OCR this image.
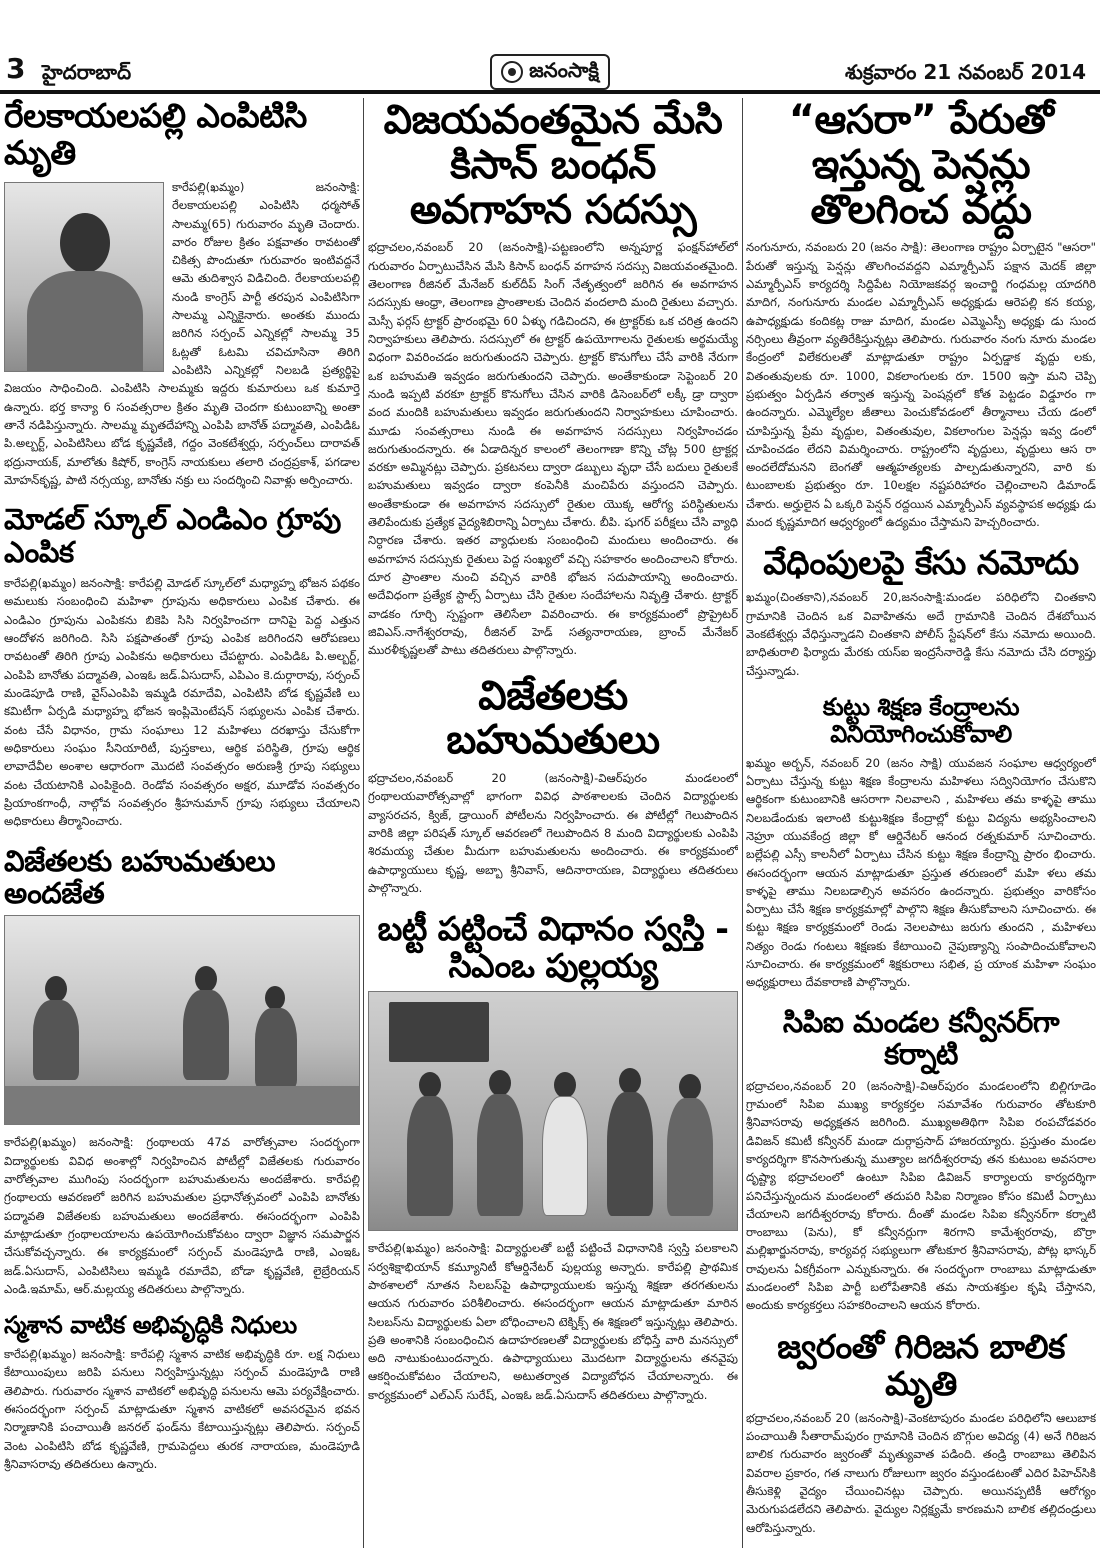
3 హైదరాబాద్	జనంసాక్షి	శుక్రవారం 21 నవంబర్ 2014
రేలకాయలపల్లి ఎంపిటిసి మృతి

కారేపల్లి(ఖమ్మం) జనంసాక్షి: రేలకాయలపల్లి ఎంపిటిసి ధర్మసోత్ సాలమ్మ(65) గురువారం మృతి చెందారు. వారం రోజుల క్రితం పక్షవాతం రావటంతో చికిత్స పొందుతూ గురువారం ఇంటివద్దనే ఆమె తుదిశ్వాస విడిచింది. రేలకాయలపల్లి నుండి కాంగ్రెస్ పార్టీ తరపున ఎంపిటిసిగా సాలమ్మ ఎన్నికైనారు. అంతకు ముందు జరిగిన సర్పంచ్ ఎన్నికల్లో సాలమ్మ 35 ఓట్లతో ఓటమి చవిచూసినా తిరిగి ఎంపిటిసి ఎన్నికల్లో నిలబడి ప్రత్యర్థిపై విజయం సాధించింది. ఎంపిటిసి సాలమ్మకు ఇద్దరు కుమారులు ఒక కుమార్తె ఉన్నారు. భర్త కాన్యా 6 సంవత్సరాల క్రితం మృతి చెందగా కుటుంబాన్ని అంతా తానే నడిపిస్తున్నారు. సాలమ్మ మృతదేహాన్ని ఎంపిపి బానోత్ పద్మావతి, ఎంపిడిఓ పి.అల్బర్ట్, ఎంపిటిసిలు బోడ కృష్ణవేణి, గద్దం వెంకటేశ్వర్లు, సర్పంచ్‌లు దారావత్ భద్రునాయక్, మాలోతు కిషోర్, కాంగ్రెస్ నాయకులు తలారి చంద్రప్రకాశ్, పగడాల మోహన్‌కృష్ణ, పాటి నర్సయ్య, బానోతు నక్రు లు సందర్శించి నివాళ్లు అర్పించారు.

మోడల్ స్కూల్ ఎండిఎం గ్రూపు ఎంపిక

కారేపల్లి(ఖమ్మం) జనంసాక్షి: కారేపల్లి మోడల్ స్కూల్‌లో మధ్యాహ్న భోజన పథకం అమలుకు సంబంధించి మహిళా గ్రూపును అధికారులు ఎంపిక చేశారు. ఈ ఎండిఎం గ్రూపును ఎంపికను బికెపి సిసి నిర్వహించగా దానిపై పెద్ద ఎత్తున ఆందోళన జరిగింది. సిసి పక్షపాతంతో గ్రూపు ఎంపిక జరిగిందని ఆరోపణలు రావటంతో తిరిగి గ్రూపు ఎంపికను అధికారులు చేపట్టారు. ఎంపిడిఓ పి.అల్బర్ట్, ఎంపిపి బానోతు పద్మావతి, ఎంఇఓ జడ్.ఏసుదాస్, ఎపిఎం కె.దుర్గారావు, సర్పంచ్ మండెపూడి రాణి, వైస్‌ఎంపిపి ఇమ్మడి రమాదేవి, ఎంపిటిసి బోడ కృష్ణవేణి లు కమిటీగా ఏర్పడి మధ్యాహ్న భోజన ఇంప్లిమెంటేషన్ సభ్యులను ఎంపిక చేశారు. వంట చేసే విధానం, గ్రామ సంఘాలు 12 మహిళలు దరఖాస్తు చేసుకోగా అధికారులు సంఘం సీనియారిటీ, పుస్తకాలు, ఆర్థిక పరిస్థితి, గ్రూపు ఆర్థిక లావాదేవీల అంశాల ఆధారంగా మొదటి సంవత్సరం అరుణశ్రీ గ్రూపు సభ్యులు వంట చేయటానికి ఎంపికైంది. రెండోవ సంవత్సరం అక్షర, మూడోవ సంవత్సరం ప్రియాంకగాంధీ, నాల్గోవ సంవత్సరం శ్రీహనుమాన్ గ్రూపు సభ్యులు చేయాలని అధికారులు తీర్మానించారు.

విజేతలకు బహుమతులు అందజేత

కారేపల్లి(ఖమ్మం) జనంసాక్షి: గ్రంథాలయ 47వ వారోత్సవాల సందర్భంగా విద్యార్థులకు వివిధ అంశాల్లో నిర్వహించిన పోటీల్లో విజేతలకు గురువారం వారోత్సవాల ముగింపు సందర్భంగా బహుమతులను అందజేశారు. కారేపల్లి గ్రంథాలయ ఆవరణలో జరిగిన బహుమతుల ప్రధానోత్సవంలో ఎంపిపి బానోతు పద్మావతి విజేతలకు బహుమతులు అందజేశారు. ఈసందర్భంగా ఎంపిపి మాట్లాడుతూ గ్రంథాలయాలను ఉపయోగించుకోవటం ద్వారా విజ్ఞాన సమపార్జన చేసుకోవచ్చన్నారు. ఈ కార్యక్రమంలో సర్పంచ్ మండెపూడి రాణి, ఎంఇఓ జడ్.ఏసుదాస్, ఎంపిటిసిలు ఇమ్మడి రమాదేవి, బోడా కృష్ణవేణి, లైబ్రేరియన్ ఎండి.ఇమామ్, ఆర్.మల్లయ్య తదితరులు పాల్గొన్నారు.

స్మశాన వాటిక అభివృద్ధికి నిధులు

కారేపల్లి(ఖమ్మం) జనంసాక్షి: కారేపల్లి స్మశాన వాటిక అభివృద్ధికి రూ. లక్ష నిధులు కేటాయింపులు జరిపి పనులు నిర్వహిస్తున్నట్లు సర్పంచ్ మండెపూడి రాణి తెలిపారు. గురువారం స్మశాన వాటికలో అభివృద్ధి పనులను ఆమె పర్యవేక్షించారు. ఈసందర్భంగా సర్పంచ్ మాట్లాడుతూ స్మశాన వాటికలో అవసరమైన భవన నిర్మాణానికి పంచాయితీ జనరల్ ఫండ్‌ను కేటాయిస్తున్నట్లు తెలిపారు. సర్పంచ్ వెంట ఎంపిటిసి బోడ కృష్ణవేణి, గ్రామపెద్దలు తురక నారాయణ, మండెపూడి శ్రీనివాసరావు తదితరులు ఉన్నారు.

విజయవంతమైన మేసి కిసాన్ బంధన్ అవగాహన సదస్సు

భద్రాచలం,నవంబర్ 20 (జనంసాక్షి)-పట్టణంలోని అన్నపూర్ణ ఫంక్షన్‌హాల్‌లో గురువారం ఏర్పాటుచేసిన మేసి కిసాన్ బంధన్ వగాహన సదస్సు విజయవంతమైంది. తెలంగాణ రీజినల్ మేనేజర్ కుల్‌దీప్ సింగ్ నేతృత్వంలో జరిగిన ఈ అవగాహన సదస్సుకు ఆంధ్రా, తెలంగాణ ప్రాంతాలకు చెందిన వందలాది మంది రైతులు వచ్చారు. మెస్సీ ఫర్గస్ ట్రాక్టర్ ప్రారంభమై 60 ఏళ్ళు గడిచిందని, ఈ ట్రాక్టర్‌కు ఒక చరిత్ర ఉందని నిర్వాహకులు తెలిపారు. సదస్సులో ఈ ట్రాక్టర్ ఉపయోగాలను రైతులకు అర్థమయ్యే విధంగా వివరించడం జరుగుతుందని చెప్పారు. ట్రాక్టర్ కొనుగోలు చేసే వారికి నేరుగా ఒక బహుమతి ఇవ్వడం జరుగుతుందని చెప్పారు. అంతేకాకుండా సెప్టెంబర్ 20 నుండి ఇప్పటి వరకూ ట్రాక్టర్ కొనుగోలు చేసిన వారికి డిసెంబర్‌లో లక్కీ డ్రా ద్వారా వంద మందికి బహుమతులు ఇవ్వడం జరుగుతుందని నిర్వాహకులు చూపించారు. మూడు సంవత్సరాలు నుండి ఈ అవగాహన సదస్సులు నిర్వహించడం జరుగుతుందన్నారు. ఈ ఏడాదిన్నర కాలంలో తెలంగాణా కొన్ని చోట్ల 500 ట్రాక్టర్ల వరకూ అమ్మినట్లు చెప్పారు. ప్రకటనలు ద్వారా డబ్బులు వృధా చేసే బదులు రైతులకే బహుమతులు ఇవ్వడం ద్వారా కంపెనీకి మంచిపేరు వస్తుందని చెప్పారు. అంతేకాకుండా ఈ అవగాహన సదస్సులో రైతుల యొక్క ఆరోగ్య పరిస్థితులను తెలిపేందుకు ప్రత్యేక వైద్యశిబిరాన్ని ఏర్పాటు చేశారు. బీపి. షుగర్ పరీక్షలు చేసి వ్యాధి నిర్ధారణ చేశారు. ఇతర వ్యాధులకు సంబంధించి మందులు అందించారు. ఈ అవగాహన సదస్సుకు రైతులు పెద్ద సంఖ్యలో వచ్చి సహకారం అందించాలని కోరారు. దూర ప్రాంతాల నుంచి వచ్చిన వారికి భోజన సదుపాయాన్ని అందించారు. అదేవిధంగా ప్రత్యేక స్టాల్స్ ఏర్పాటు చేసి రైతుల సందేహాలను నివృత్తి చేశారు. ట్రాక్టర్ వాడకం గూర్చి స్పష్టంగా తెలిసేలా వివరించారు. ఈ కార్యక్రమంలో ప్రొప్రైటర్ జివిఎస్.నాగేశ్వరరావు, రీజినల్ హెడ్ సత్యనారాయణ, బ్రాంచ్ మేనేజర్ మురళీకృష్ణలతో పాటు తదితరులు పాల్గొన్నారు.

విజేతలకు బహుమతులు

భద్రాచలం,నవంబర్ 20 (జనంసాక్షి)-విఆర్‌పురం మండలంలో గ్రంథాలయవారోత్సవాల్లో భాగంగా వివిధ పాఠశాలలకు చెందిన విద్యార్థులకు వ్యాసరచన, క్విజ్, డ్రాయింగ్ పోటీలను నిర్వహించారు. ఈ పోటీల్లో గెలుపొందిన వారికి జిల్లా పరిషత్ స్కూల్ ఆవరణలో గెలుపొందిన 8 మంది విద్యార్థులకు ఎంపిపి శిరమయ్య చేతుల మీదుగా బహుమతులను అందించారు. ఈ కార్యక్రమంలో ఉపాధ్యాయులు కృష్ణ, అబ్బా శ్రీనివాస్, ఆదినారాయణ, విద్యార్థులు తదితరులు పాల్గొన్నారు.

బట్టీ పట్టించే విధానం స్వస్తి - సిఎంఒ పుల్లయ్య

కారేపల్లి(ఖమ్మం) జనంసాక్షి: విద్యార్థులతో బట్టీ పట్టించే విధానానికి స్వస్తి పలకాలని సర్వశిక్షాభియాన్ కమ్యూనిటీ కోఆర్డినేటర్ పుల్లయ్య అన్నారు. కారేపల్లి ప్రాథమిక పాఠశాలలో నూతన సిలబస్‌పై ఉపాధ్యాయులకు ఇస్తున్న శిక్షణా తరగతులను ఆయన గురువారం పరిశీలించారు. ఈసందర్భంగా ఆయన మాట్లాడుతూ మారిన సిలబస్‌ను విద్యార్థులకు ఏలా బోధించాలని టెక్నిక్స్ ఈ శిక్షణలో ఇస్తున్నట్లు తెలిపారు. ప్రతి అంశానికి సంబంధించిన ఉదాహరణలతో విద్యార్థులకు బోధిస్తే వారి మనస్సులో అది నాటుకుంటుందన్నారు. ఉపాధ్యాయులు మొదటగా విద్యార్థులను తనవైపు ఆకర్షించుకోవటం చేయాలని, అటుతర్వాత విద్యాబోధన చేయాలన్నారు. ఈ కార్యక్రమంలో ఎల్ఎస్ సురేష్, ఎంఇఓ జడ్.ఏసుదాస్ తదితరులు పాల్గొన్నారు.

“ఆసరా” పేరుతో ఇస్తున్న పెన్షన్లు తొలగించ వద్దు

నంగునూరు, నవంబరు 20 (జనం సాక్షి): తెలంగాణ రాష్ట్రం ఏర్పాటైన "ఆసరా" పేరుతో ఇస్తున్న పెన్షన్లు తొలగించవద్దని ఎమ్మార్పీఎస్ పక్షాన మెదక్ జిల్లా ఎమ్మార్పీఎస్ కార్యదర్శి సిద్దిపేట నియోజకవర్గ ఇంచార్జి గంధమల్ల యాదగిరి మాదిగ, నంగునూరు మండల ఎమ్మార్పీఎస్ అధ్యక్షుడు ఆరెపల్లి కన కయ్య, ఉపాధ్యక్షుడు కందికట్ల రాజు మాదిగ, మండల ఎమ్మెఎస్పీ అధ్యక్షు డు సుంద నర్సింలు తీవ్రంగా వ్యతిరేకిస్తున్నట్లు తెలిపారు. గురువారం నంగు నూరు మండల కేంద్రంలో విలేకరులతో మాట్లాడుతూ రాష్ట్రం ఏర్పడ్డాక వృద్దు లకు, వితంతువులకు రూ. 1000, వికలాంగులకు రూ. 1500 ఇస్తా మని చెప్పి ప్రభుత్వం ఏర్పడిన తర్వాత ఇస్తున్న పెంషన్లలో కోత పెట్టడం విడ్డూరం గా ఉందన్నారు. ఎమ్మెల్యేల జీతాలు పెంచుకోవడంలో తీర్మానాలు చేయ డంలో చూపిస్తున్న ప్రేమ వృద్దుల, వితంతువుల, వికలాంగుల పెన్షన్లు ఇవ్వ డంలో చూపించడం లేదని విమర్శించారు. రాష్ట్రంలోని వృద్దులు, వృద్దులు ఆస రా అందలేదోమనని బెంగతో ఆత్మహత్యలకు పాల్పడుతున్నారని, వారి కు టుంబాలకు ప్రభుత్వం రూ. 10లక్షల నష్టపరిహారం చెల్లించాలని డిమాండ్ చేశారు. అర్హులైన ఏ ఒక్కరి పెన్షన్ రద్దయిన ఎమ్మార్పీఎస్ వ్యవస్థాపక అధ్యక్షు డు మంద కృష్ణమాదిగ ఆధ్వర్యంలో ఉద్యమం చేస్తామని హెచ్చరించారు.

వేధింపులపై కేసు నమోదు

ఖమ్మం(చింతకాని),నవంబర్ 20,జనంసాక్షి:మండల పరిధిలోని చింతకాని గ్రామానికి చెందిన ఒక వివాహితను అదే గ్రామానికి చెందిన దేశబోయిన వెంకటేశ్వర్లు వేధిస్తున్నాడని చింతకాని పోలీస్ స్టేషన్‌లో కేసు నమోదు అయింది. బాధితురాలి ఫిర్యాదు మేరకు యస్ఐ ఇంద్రసేనారెడ్డి కేసు నమోదు చేసి దర్యాప్తు చేస్తున్నాడు.

కుట్టు శిక్షణ కేంద్రాలను వినియోగించుకోవాలి

ఖమ్మం అర్బన్, నవంబర్ 20 (జనం సాక్షి) యువజన సంఘాల ఆధ్వర్యంలో ఏర్పాటు చేస్తున్న కుట్టు శిక్షణ కేంద్రాలను మహిళలు సద్వినియోగం చేసుకొని ఆర్థికంగా కుటుంబానికి ఆసరాగా నిలవాలని , మహిళలు తమ కాళ్ళపై తాము నిలబడేందుకు ఇలాంటి కుట్టుశిక్షణ కేంద్రాల్లో కుట్టు విద్యను అభ్యసించాలని నెహ్రూ యువకేంద్ర జిల్లా కో ఆర్డినేటర్ ఆనంద రత్నకుమార్ సూచించారు. బల్లేపల్లి ఎస్సీ కాలనీలో ఏర్పాటు చేసిన కుట్టు శిక్షణ కేంద్రాన్ని ప్రారం భించారు. ఈసందర్భంగా ఆయన మాట్లాడుతూ ప్రస్తుత తరుణంలో మహి ళలు తమ కాళ్ళపై తాము నిలబడాల్సిన అవసరం ఉందన్నారు. ప్రభుత్వం వారికోసం ఏర్పాటు చేసే శిక్షణ కార్యక్రమాల్లో పాల్గొని శిక్షణ తీసుకోవాలని సూచించారు. ఈ కుట్టు శిక్షణ కార్యక్రమంలో రెండు నెలలపాటు జరుగు తుందని , మహిళలు నిత్యం రెండు గంటలు శిక్షణకు కేటాయించి నైపుణ్యాన్ని సంపాదించుకోవాలని సూచించారు. ఈ కార్యక్రమంలో శిక్షకురాలు సభిత, ప్ర యాంక మహిళా సంఘం అధ్యక్షురాలు దేవకారాణి పాల్గొన్నారు.

సిపిఐ మండల కన్వీనర్‌గా కర్నాటి

భద్రాచలం,నవంబర్ 20 (జనంసాక్షి)-విఆర్‌పురం మండలంలోని బిల్లిగూడెం గ్రామంలో సిపిఐ ముఖ్య కార్యకర్తల సమావేశం గురువారం తోటకూరి శ్రీనివాసరావు అధ్యక్షతన జరిగింది. ముఖ్యఅతిథిగా సిపిఐ రంపచోడవరం డివిజన్ కమిటీ కన్వీనర్ మండా దుర్గాప్రసాద్ హాజరయ్యారు. ప్రస్తుతం మండల కార్యదర్శిగా కొనసాగుతున్న ముత్యాల జగదీశ్వరరావు తన కుటుంబ అవసరాల దృష్ట్యా భద్రాచలంలో ఉంటూ సిపిఐ డివిజన్ కార్యాలయ కార్యదర్శిగా పనిచేస్తున్నందున మండలంలో తదుపరి సిపిఐ నిర్మాణం కోసం కమిటీ ఏర్పాటు చేయాలని జగదీశ్వరరావు కోరారు. దీంతో మండల సిపిఐ కన్వీనర్‌గా కర్నాటి రాంబాబు (పెను), కో కన్వీనర్లుగా శిరగాని కామేశ్వరరావు, బొర్రా మల్లిఖార్జునరావు, కార్యవర్గ సభ్యులుగా తోటకూర శ్రీనివాసరావు, పోట్ల భాస్కర్ రావులను ఏకగ్రీవంగా ఎన్నుకున్నారు. ఈ సందర్భంగా రాంబాబు మాట్లాడుతూ మండలంలో సిపిఐ పార్టీ బలోపేతానికి తమ సాయశక్తుల కృషి చేస్తానని, అందుకు కార్యకర్తలు సహకరించాలని ఆయన కోరారు.

జ్వరంతో గిరిజన బాలిక మృతి

భద్రాచలం,నవంబర్ 20 (జనంసాక్షి)-వెంకటాపురం మండల పరిధిలోని ఆలుబాక పంచాయితీ సీతారామ్‌పురం గ్రామానికి చెందిన బొగ్గుల అవిద్య (4) అనే గిరిజన బాలిక గురువారం జ్వరంతో మృత్యువాత పడింది. తండ్రి రాంబాబు తెలిపిన వివరాల ప్రకారం, గత నాలుగు రోజులుగా జ్వరం వస్తుండటంతో ఎదిర పిహెచ్‌సికి తీసుకెళ్లి వైద్యం చేయించినట్లు చెప్పారు. అయినప్పటికీ ఆరోగ్యం మెరుగుపడలేదని తెలిపారు. వైద్యుల నిర్లక్ష్యమే కారణమని బాలిక తల్లిదండ్రులు ఆరోపిస్తున్నారు.
